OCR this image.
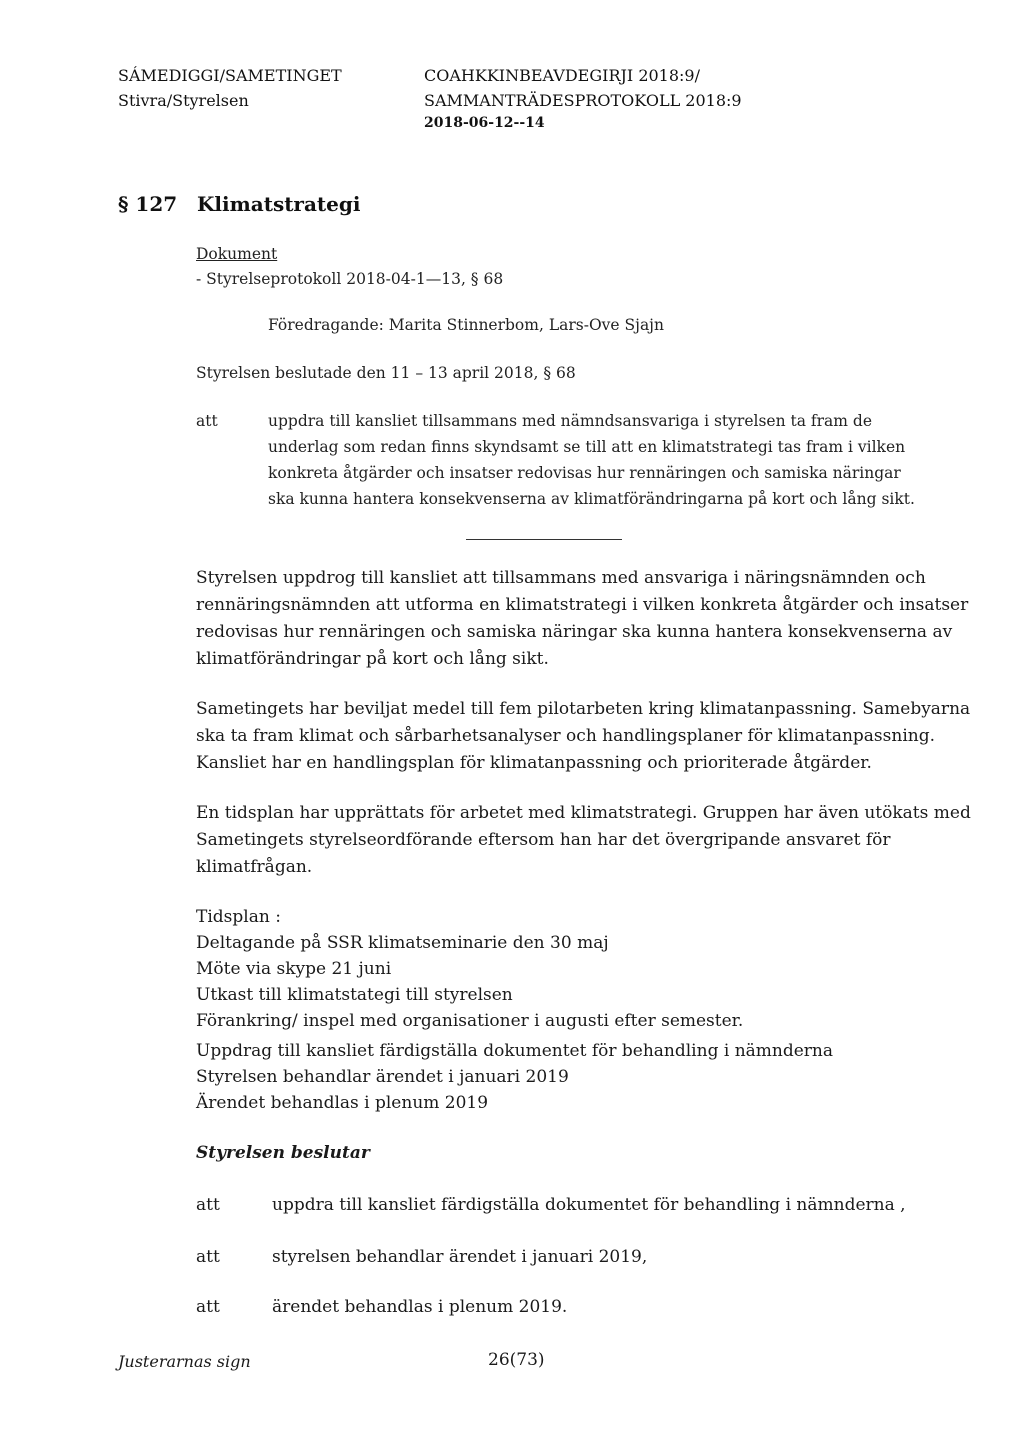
SÁMEDIGGI/SAMETINGET
Stivra/Styrelsen
COAHKKINBEAVDEGIRJI 2018:9/
SAMMANTRÄDESPROTOKOLL 2018:9
2018-06-12--14
§ 127 Klimatstrategi
Dokument
- Styrelseprotokoll 2018-04-1—13, § 68
Föredragande: Marita Stinnerbom, Lars-Ove Sjajn
Styrelsen beslutade den 11 – 13 april 2018, § 68
att	uppdra till kansliet tillsammans med nämndsansvariga i styrelsen ta fram de
underlag som redan finns skyndsamt se till att en klimatstrategi tas fram i vilken
konkreta åtgärder och insatser redovisas hur rennäringen och samiska näringar
ska kunna hantera konsekvenserna av klimatförändringarna på kort och lång sikt.
Styrelsen uppdrog till kansliet att tillsammans med ansvariga i näringsnämnden och
rennäringsnämnden att utforma en klimatstrategi i vilken konkreta åtgärder och insatser
redovisas hur rennäringen och samiska näringar ska kunna hantera konsekvenserna av
klimatförändringar på kort och lång sikt.
Sametingets har beviljat medel till fem pilotarbeten kring klimatanpassning. Samebyarna
ska ta fram klimat och sårbarhetsanalyser och handlingsplaner för klimatanpassning.
Kansliet har en handlingsplan för klimatanpassning och prioriterade åtgärder.
En tidsplan har upprättats för arbetet med klimatstrategi. Gruppen har även utökats med
Sametingets styrelseordförande eftersom han har det övergripande ansvaret för
klimatfrågan.
Tidsplan :
Deltagande på SSR klimatseminarie den 30 maj
Möte via skype 21 juni
Utkast till klimatstategi till styrelsen
Förankring/ inspel med organisationer i augusti efter semester.
Uppdrag till kansliet färdigställa dokumentet för behandling i nämnderna
Styrelsen behandlar ärendet i januari 2019
Ärendet behandlas i plenum 2019
Styrelsen beslutar
att	uppdra till kansliet färdigställa dokumentet för behandling i nämnderna ,
att	styrelsen behandlar ärendet i januari 2019,
att	ärendet behandlas i plenum 2019.
Justerarnas sign	26(73)
